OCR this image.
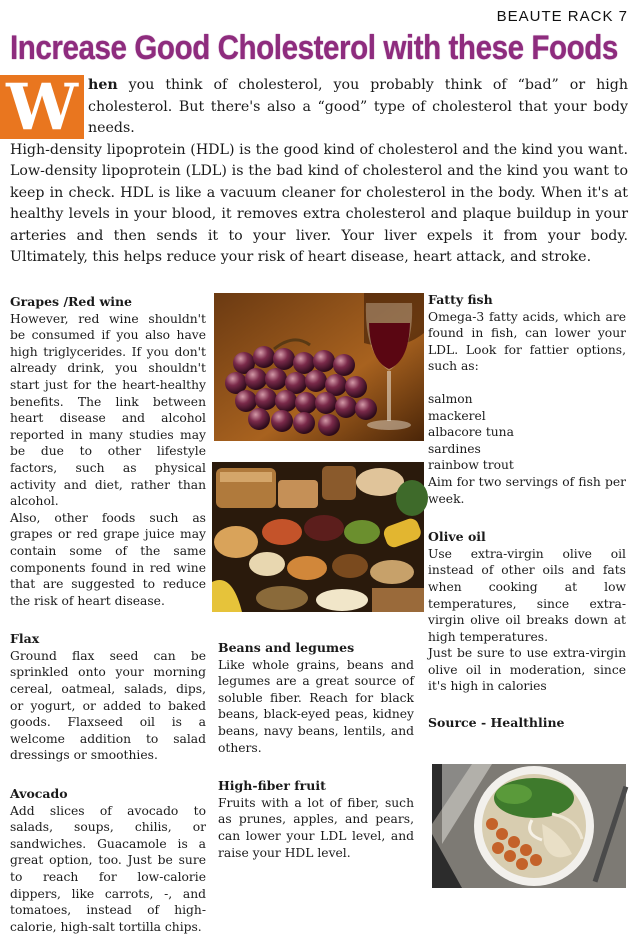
BEAUTE RACK 7
Increase Good Cholesterol with these Foods
W hen you think of cholesterol, you probably think of “bad” or high cholesterol. But there's also a “good” type of cholesterol that your body needs.

High-density lipoprotein (HDL) is the good kind of cholesterol and the kind you want. Low-density lipoprotein (LDL) is the bad kind of cholesterol and the kind you want to keep in check. HDL is like a vacuum cleaner for cholesterol in the body. When it's at healthy levels in your blood, it removes extra cholesterol and plaque buildup in your arteries and then sends it to your liver. Your liver expels it from your body. Ultimately, this helps reduce your risk of heart disease, heart attack, and stroke.

Grapes /Red wine

However, red wine shouldn't be consumed if you also have high triglycerides. If you don't already drink, you shouldn't start just for the heart-healthy benefits. The link between heart disease and alcohol reported in many studies may be due to other lifestyle factors, such as physical activity and diet, rather than alcohol.

Also, other foods such as grapes or red grape juice may contain some of the same components found in red wine that are suggested to reduce the risk of heart disease.

Flax

Ground flax seed can be sprinkled onto your morning cereal, oatmeal, salads, dips, or yogurt, or added to baked goods. Flaxseed oil is a welcome addition to salad dressings or smoothies.

Avocado

Add slices of avocado to salads, soups, chilis, or sandwiches. Guacamole is a great option, too. Just be sure to reach for low-calorie dippers, like carrots, -, and tomatoes, instead of high-calorie, high-salt tortilla chips.

Beans and legumes

Like whole grains, beans and legumes are a great source of soluble fiber. Reach for black beans, black-eyed peas, kidney beans, navy beans, lentils, and others.

High-fiber fruit

Fruits with a lot of fiber, such as prunes, apples, and pears, can lower your LDL level, and raise your HDL level.

Fatty fish

Omega-3 fatty acids, which are found in fish, can lower your LDL. Look for fattier options, such as:

salmon
mackerel
albacore tuna
sardines
rainbow trout

Aim for two servings of fish per week.

Olive oil

Use extra-virgin olive oil instead of other oils and fats when cooking at low temperatures, since extra-virgin olive oil breaks down at high temperatures.

Just be sure to use extra-virgin olive oil in moderation, since it's high in calories

Source - Healthline
